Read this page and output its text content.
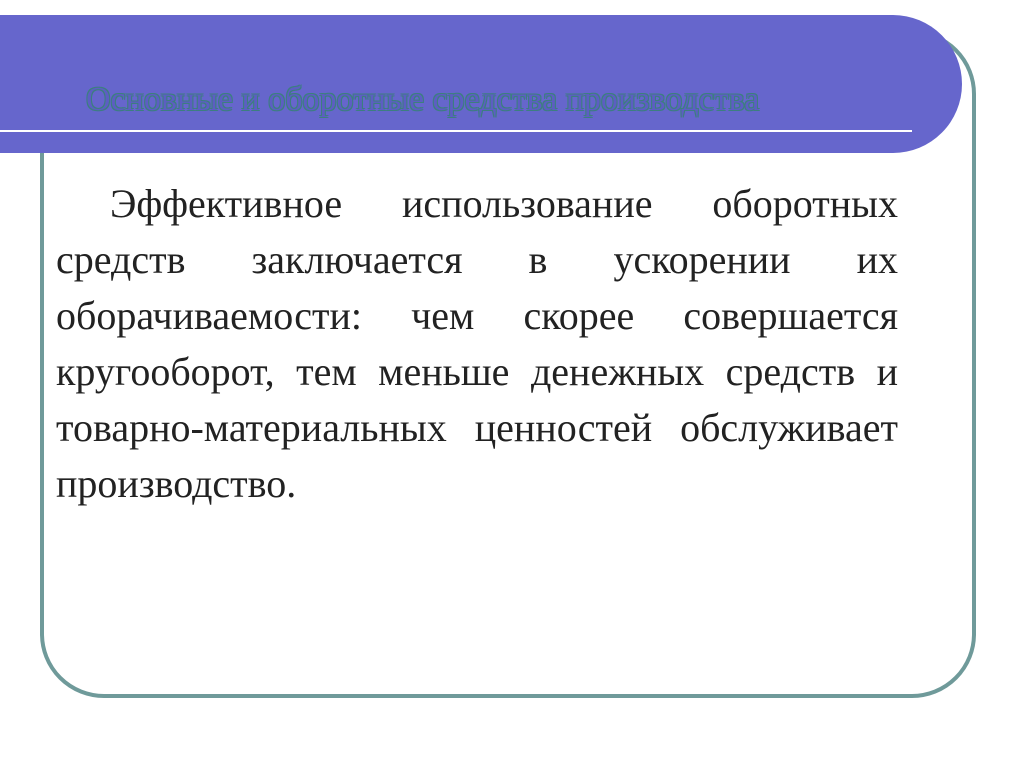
Основные и оборотные средства производства

Эффективное использование оборотных средств заключается в ускорении их оборачиваемости: чем скорее совершается кругооборот, тем меньше денежных средств и товарно-материальных ценностей обслуживает производство.
